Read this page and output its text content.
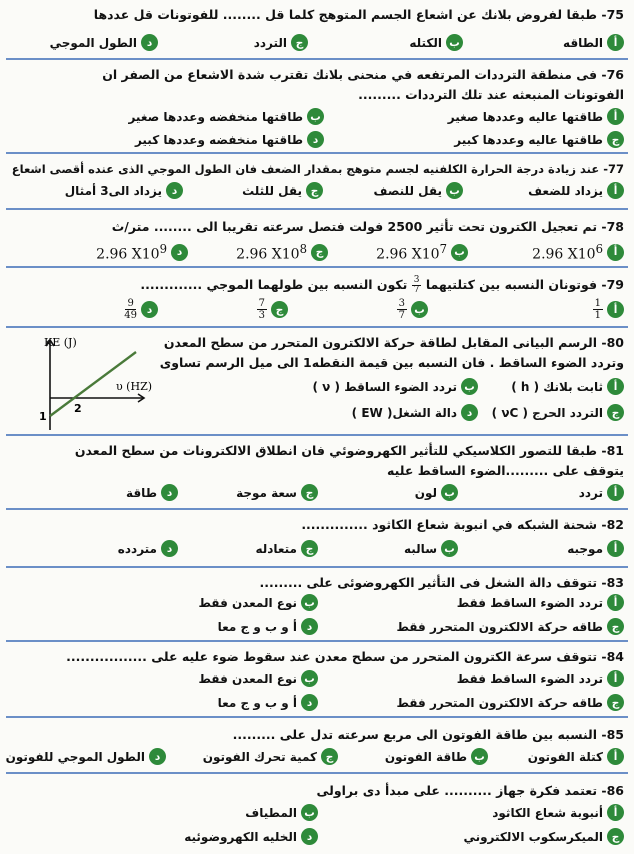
75- طبقا لفروض بلانك عن اشعاع الجسم المتوهج كلما قل ........ للفوتونات قل عددها
أ
الطاقه
ب
الكتله
ج
التردد
د
الطول الموجي
76- فى منطقة الترددات المرتفعه في منحنى بلانك تقترب شدة الاشعاع من الصفر ان
الفوتونات المنبعثه عند تلك الترددات .........
أ
طاقتها عاليه وعددها صغير
ب
طاقتها منخفضه وعددها صغير
ج
طاقتها عاليه وعددها كبير
د
طاقتها منخفضه وعددها كبير
77- عند زيادة درجة الحرارة الكلفنيه لجسم متوهج بمقدار الضعف فان الطول الموجي الذى عنده أقصى اشعاع
أ
يزداد للضعف
ب
يقل للنصف
ج
يقل للثلث
د
يزداد الى3 أمثال
78- تم تعجيل الكترون تحت تأثير 2500 فولت فتصل سرعته تقريبا الى ........ متر/ث
أ
2.96 $X10^6$
ب
2.96 $X10^7$
ج
2.96 $X10^8$
د
2.96 $X10^9$
79- فوتونان النسبه بين كتلتيهما
$\frac{3}{7}$
تكون النسبه بين طولهما الموجي .............
أ
$\frac{1}{1}$
ب
$\frac{3}{7}$
ج
$\frac{7}{3}$
د
$\frac{9}{49}$
80- الرسم البيانى المقابل لطاقة حركة الالكترون المتحرر من سطح المعدن
وتردد الضوء الساقط . فان النسبه بين قيمة النقطه1 الى ميل الرسم تساوى
أ
ثابت بلانك ( h )
ب
تردد الضوء الساقط ( ν )
ج
التردد الحرج ( νC )
د
دالة الشغل( EW )
KE (J)
υ (HZ)
1
2
81- طبقا للتصور الكلاسيكي للتأثير الكهروضوئي فان انطلاق الالكترونات من سطح المعدن
يتوقف على .........الضوء الساقط عليه
أ
تردد
ب
لون
ج
سعة موجة
د
طاقة
82- شحنة الشبكه في انبوبة شعاع الكاثود ..............
أ
موجبه
ب
سالبه
ج
متعادله
د
متردده
83- تتوقف دالة الشغل فى التأثير الكهروضوئى على .........
أ
تردد الضوء الساقط فقط
ب
نوع المعدن فقط
ج
طاقه حركة الالكترون المتحرر فقط
د
أ و ب و ج معا
84- تتوقف سرعة الكترون المتحرر من سطح معدن عند سقوط ضوء عليه على .................
أ
تردد الضوء الساقط فقط
ب
نوع المعدن فقط
ج
طاقه حركة الالكترون المتحرر فقط
د
أ و ب و ج معا
85- النسبه بين طاقة الفوتون الى مربع سرعته تدل على .........
أ
كتلة الفوتون
ب
طاقة الفوتون
ج
كمية تحرك الفوتون
د
الطول الموجي للفوتون
86- تعتمد فكرة جهاز .......... على مبدأ دى براولى
أ
أنبوبة شعاع الكاثود
ب
المطياف
ج
الميكرسكوب الالكتروني
د
الخليه الكهروضوئيه
